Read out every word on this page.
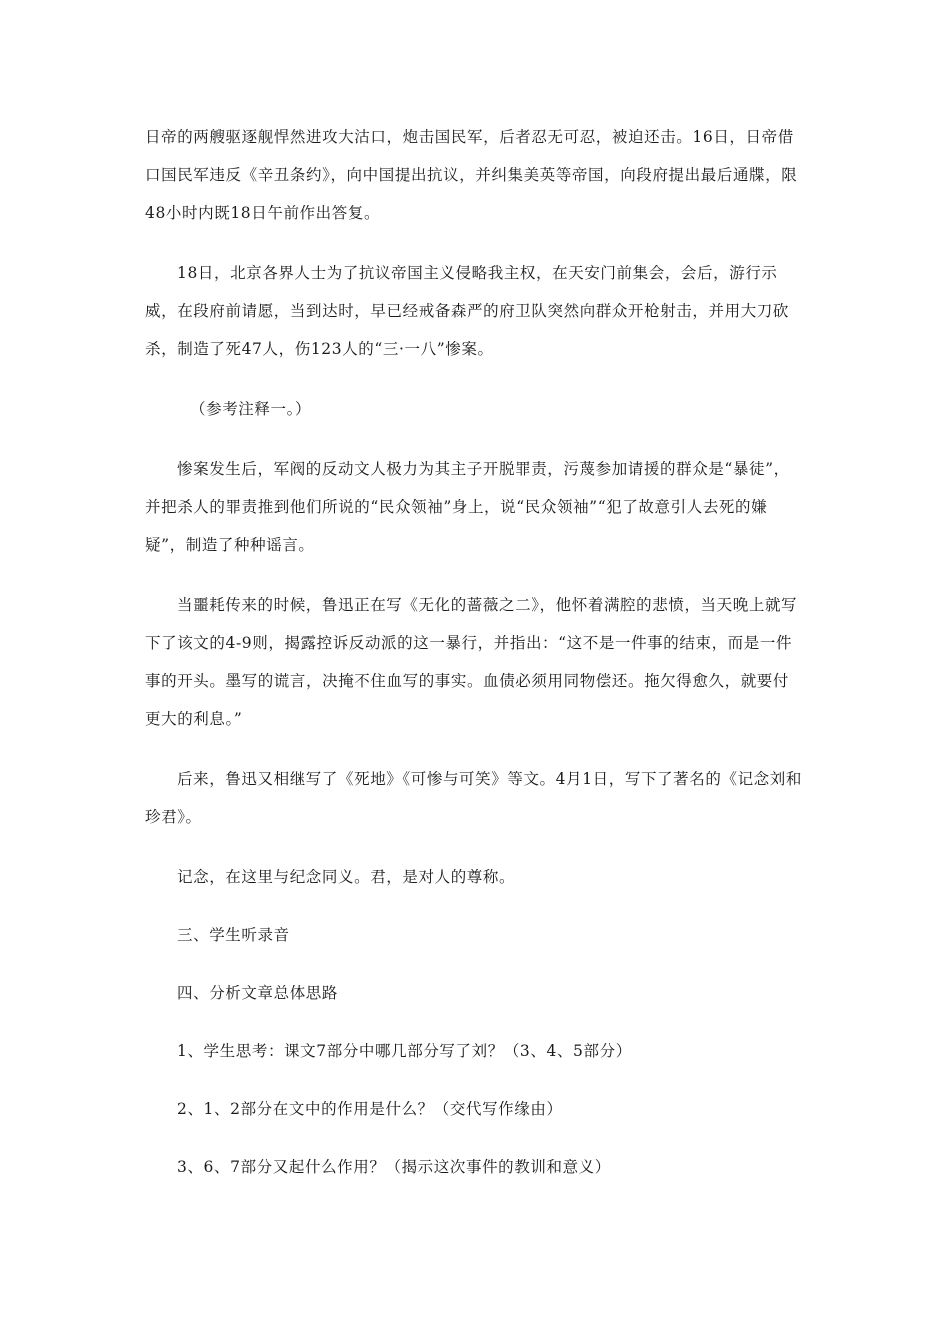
日帝的两艘驱逐舰悍然进攻大沽口，炮击国民军，后者忍无可忍，被迫还击。16日，日帝借口国民军违反《辛丑条约》，向中国提出抗议，并纠集美英等帝国，向段府提出最后通牒，限48小时内既18日午前作出答复。

18日，北京各界人士为了抗议帝国主义侵略我主权，在天安门前集会，会后，游行示威，在段府前请愿，当到达时，早已经戒备森严的府卫队突然向群众开枪射击，并用大刀砍杀，制造了死47人，伤123人的“三·一八”惨案。

（参考注释一。）

惨案发生后，军阀的反动文人极力为其主子开脱罪责，污蔑参加请援的群众是“暴徒”，并把杀人的罪责推到他们所说的“民众领袖”身上，说“民众领袖”“犯了故意引人去死的嫌疑”，制造了种种谣言。

当噩耗传来的时候，鲁迅正在写《无化的蔷薇之二》，他怀着满腔的悲愤，当天晚上就写下了该文的4-9则，揭露控诉反动派的这一暴行，并指出：“这不是一件事的结束，而是一件事的开头。墨写的谎言，决掩不住血写的事实。血债必须用同物偿还。拖欠得愈久，就要付更大的利息。”

后来，鲁迅又相继写了《死地》《可惨与可笑》等文。4月1日，写下了著名的《记念刘和珍君》。

记念，在这里与纪念同义。君，是对人的尊称。

三、学生听录音

四、分析文章总体思路

1、学生思考：课文7部分中哪几部分写了刘？（3、4、5部分）

2、1、2部分在文中的作用是什么？（交代写作缘由）

3、6、7部分又起什么作用？（揭示这次事件的教训和意义）
